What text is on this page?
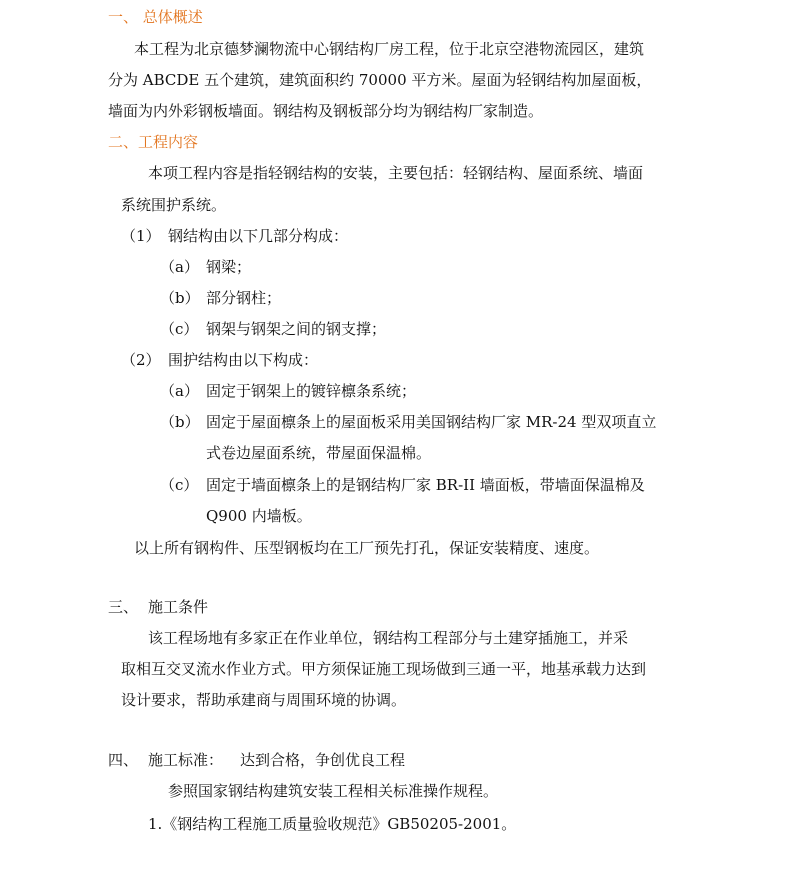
一、 总体概述
本工程为北京德梦澜物流中心钢结构厂房工程，位于北京空港物流园区，建筑
分为 ABCDE 五个建筑，建筑面积约 70000 平方米。屋面为轻钢结构加屋面板，
墙面为内外彩钢板墙面。钢结构及钢板部分均为钢结构厂家制造。
二、工程内容
本项工程内容是指轻钢结构的安装，主要包括：轻钢结构、屋面系统、墙面
系统围护系统。
（1） 钢结构由以下几部分构成：
（a） 钢梁；
（b） 部分钢柱；
（c） 钢架与钢架之间的钢支撑；
（2） 围护结构由以下构成：
（a） 固定于钢架上的镀锌檩条系统；
（b） 固定于屋面檩条上的屋面板采用美国钢结构厂家 MR-24 型双项直立
式卷边屋面系统，带屋面保温棉。
（c） 固定于墙面檩条上的是钢结构厂家 BR-II 墙面板，带墙面保温棉及
Q900 内墙板。
以上所有钢构件、压型钢板均在工厂预先打孔，保证安装精度、速度。
三、 施工条件
该工程场地有多家正在作业单位，钢结构工程部分与土建穿插施工，并采
取相互交叉流水作业方式。甲方须保证施工现场做到三通一平，地基承载力达到
设计要求，帮助承建商与周围环境的协调。
四、 施工标准： 达到合格，争创优良工程
参照国家钢结构建筑安装工程相关标准操作规程。
1.《钢结构工程施工质量验收规范》GB50205-2001。
